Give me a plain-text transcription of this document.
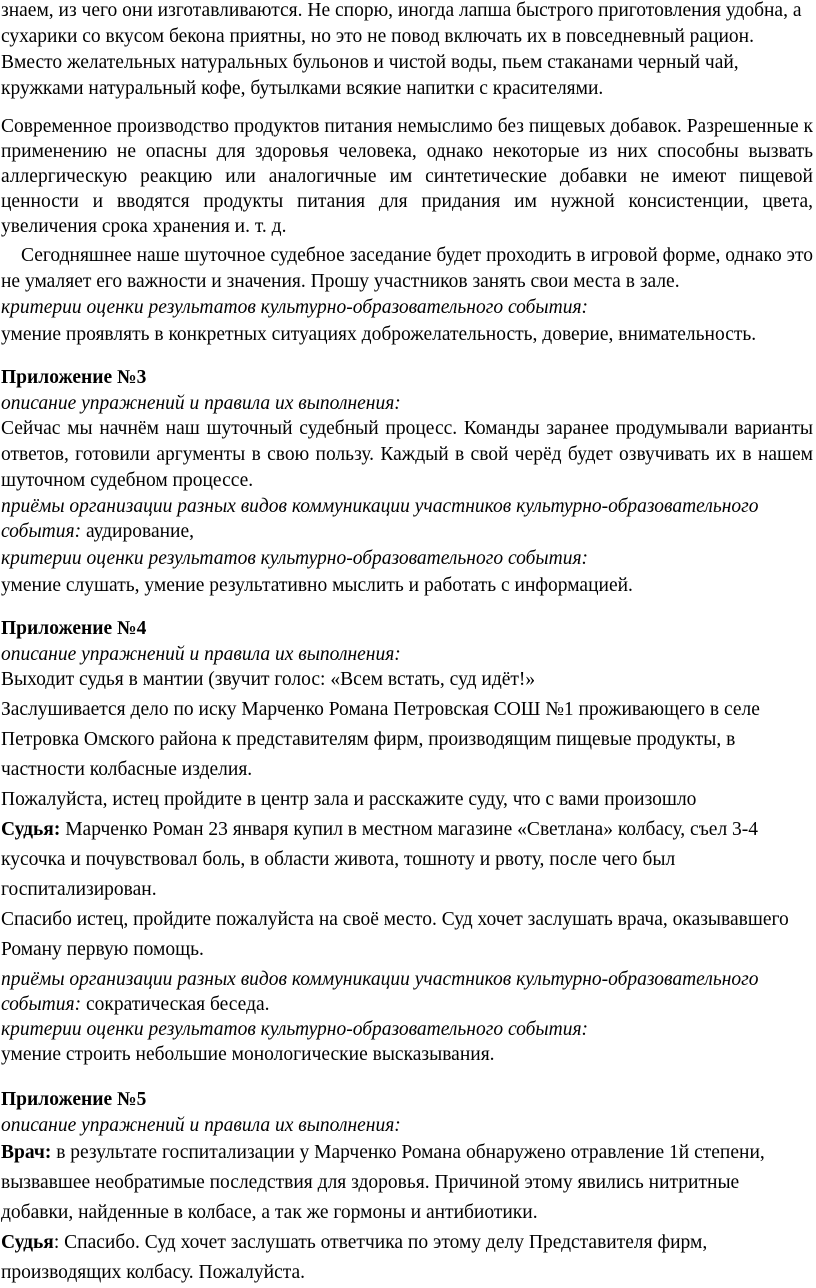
знаем, из чего они изготавливаются. Не спорю, иногда лапша быстрого приготовления удобна, а сухарики со вкусом бекона приятны, но это не повод включать их в повседневный рацион. Вместо желательных натуральных бульонов и чистой воды, пьем стаканами черный чай, кружками натуральный кофе, бутылками всякие напитки с красителями.

Современное производство продуктов питания немыслимо без пищевых добавок. Разрешенные к применению не опасны для здоровья человека, однако некоторые из них способны вызвать аллергическую реакцию или аналогичные им синтетические добавки не имеют пищевой ценности и вводятся продукты питания для придания им нужной консистенции, цвета, увеличения срока хранения и. т. д.

Сегодняшнее наше шуточное судебное заседание будет проходить в игровой форме, однако это не умаляет его важности и значения. Прошу участников занять свои места в зале.

критерии оценки результатов культурно-образовательного события:

умение проявлять в конкретных ситуациях доброжелательность, доверие, внимательность.

Приложение №3

описание упражнений и правила их выполнения:

Сейчас мы начнём наш шуточный судебный процесс. Команды заранее продумывали варианты ответов, готовили аргументы в свою пользу. Каждый в свой черёд будет озвучивать их в нашем шуточном судебном процессе.

приёмы организации разных видов коммуникации участников культурно-образовательного события: аудирование,

критерии оценки результатов культурно-образовательного события:

умение слушать, умение результативно мыслить и работать с информацией.

Приложение №4

описание упражнений и правила их выполнения:

Выходит судья в мантии (звучит голос: «Всем встать, суд идёт!»

Заслушивается дело по иску Марченко Романа Петровская СОШ №1 проживающего в селе Петровка Омского района к представителям фирм, производящим пищевые продукты, в частности колбасные изделия.

Пожалуйста, истец пройдите в центр зала и расскажите суду, что с вами произошло

Судья: Марченко Роман 23 января купил в местном магазине «Светлана» колбасу, съел 3-4 кусочка и почувствовал боль, в области живота, тошноту и рвоту, после чего был госпитализирован.

Спасибо истец, пройдите пожалуйста на своё место. Суд хочет заслушать врача, оказывавшего Роману первую помощь.

приёмы организации разных видов коммуникации участников культурно-образовательного события: сократическая беседа.

критерии оценки результатов культурно-образовательного события:

умение строить небольшие монологические высказывания.

Приложение №5

описание упражнений и правила их выполнения:

Врач: в результате госпитализации у Марченко Романа обнаружено отравление 1й степени, вызвавшее необратимые последствия для здоровья. Причиной этому явились нитритные добавки, найденные в колбасе, а так же гормоны и антибиотики.

Судья: Спасибо. Суд хочет заслушать ответчика по этому делу Представителя фирм, производящих колбасу. Пожалуйста.
